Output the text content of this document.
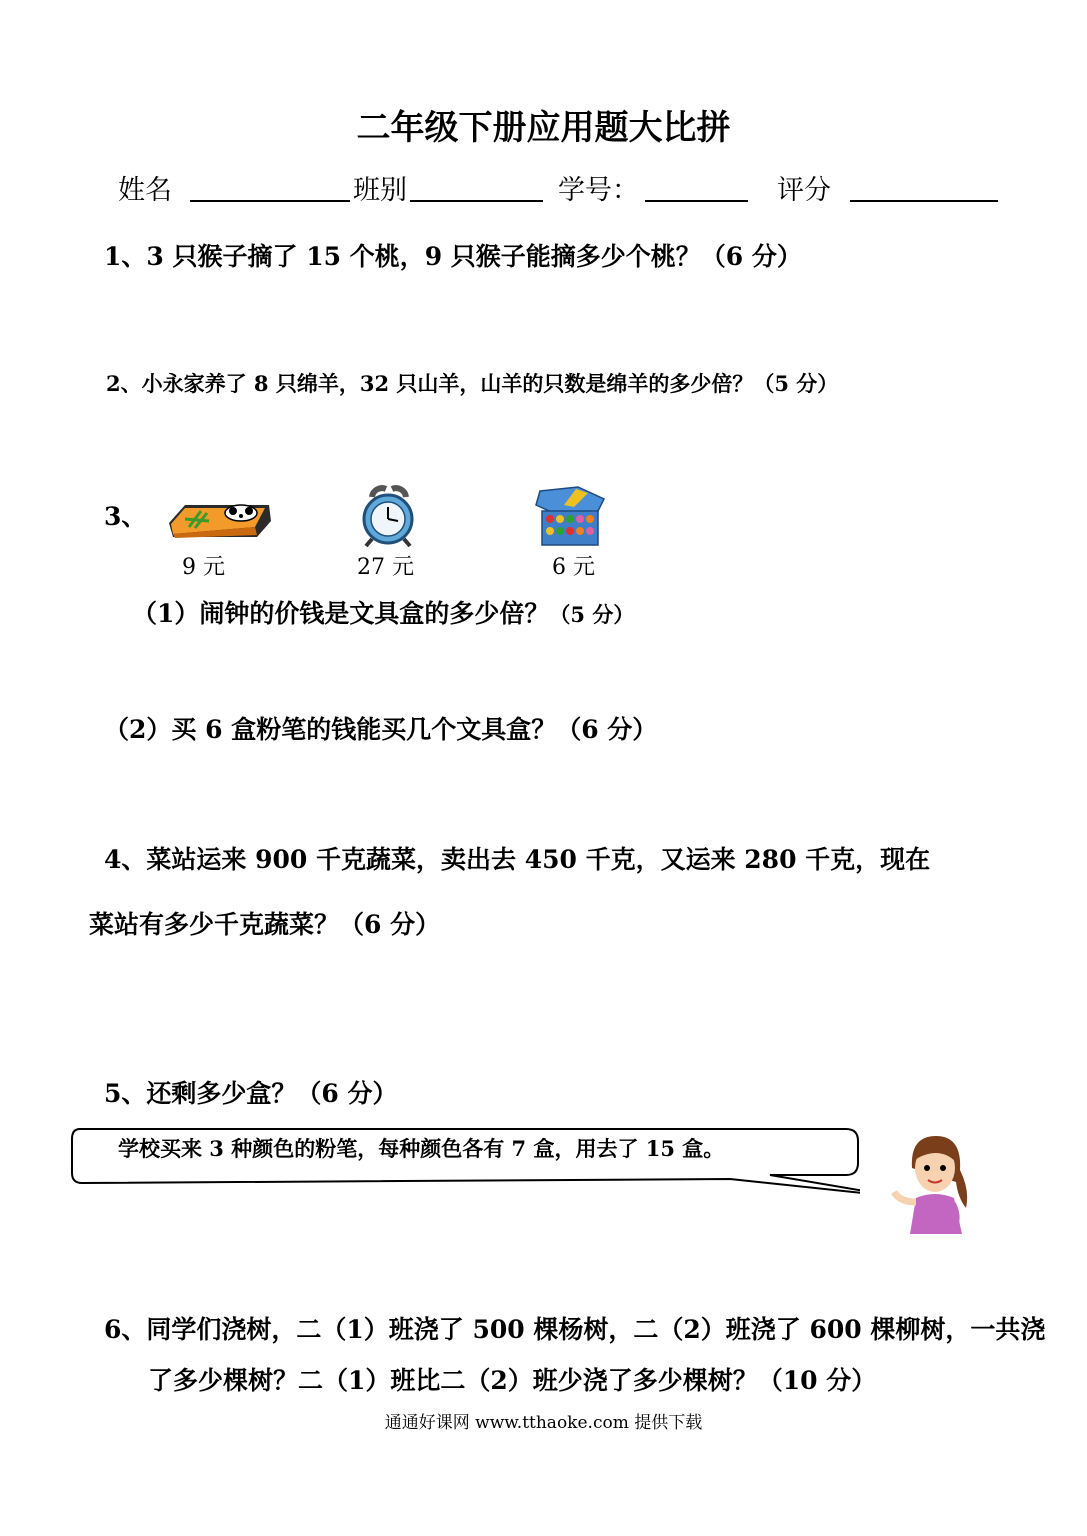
二年级下册应用题大比拼
姓名	班别	学号：	评分
1、3 只猴子摘了 15 个桃，9 只猴子能摘多少个桃？（6 分）
2、小永家养了 8 只绵羊，32 只山羊，山羊的只数是绵羊的多少倍？（5 分）
3、
9 元	27 元	6 元
（1）闹钟的价钱是文具盒的多少倍？（5 分）
（2）买 6 盒粉笔的钱能买几个文具盒？（6 分）
4、菜站运来 900 千克蔬菜，卖出去 450 千克，又运来 280 千克，现在
菜站有多少千克蔬菜？（6 分）
5、还剩多少盒？（6 分）
学校买来 3 种颜色的粉笔，每种颜色各有 7 盒，用去了 15 盒。
6、同学们浇树，二（1）班浇了 500 棵杨树，二（2）班浇了 600 棵柳树，一共浇
了多少棵树？二（1）班比二（2）班少浇了多少棵树？（10 分）
通通好课网 www.tthaoke.com 提供下载
